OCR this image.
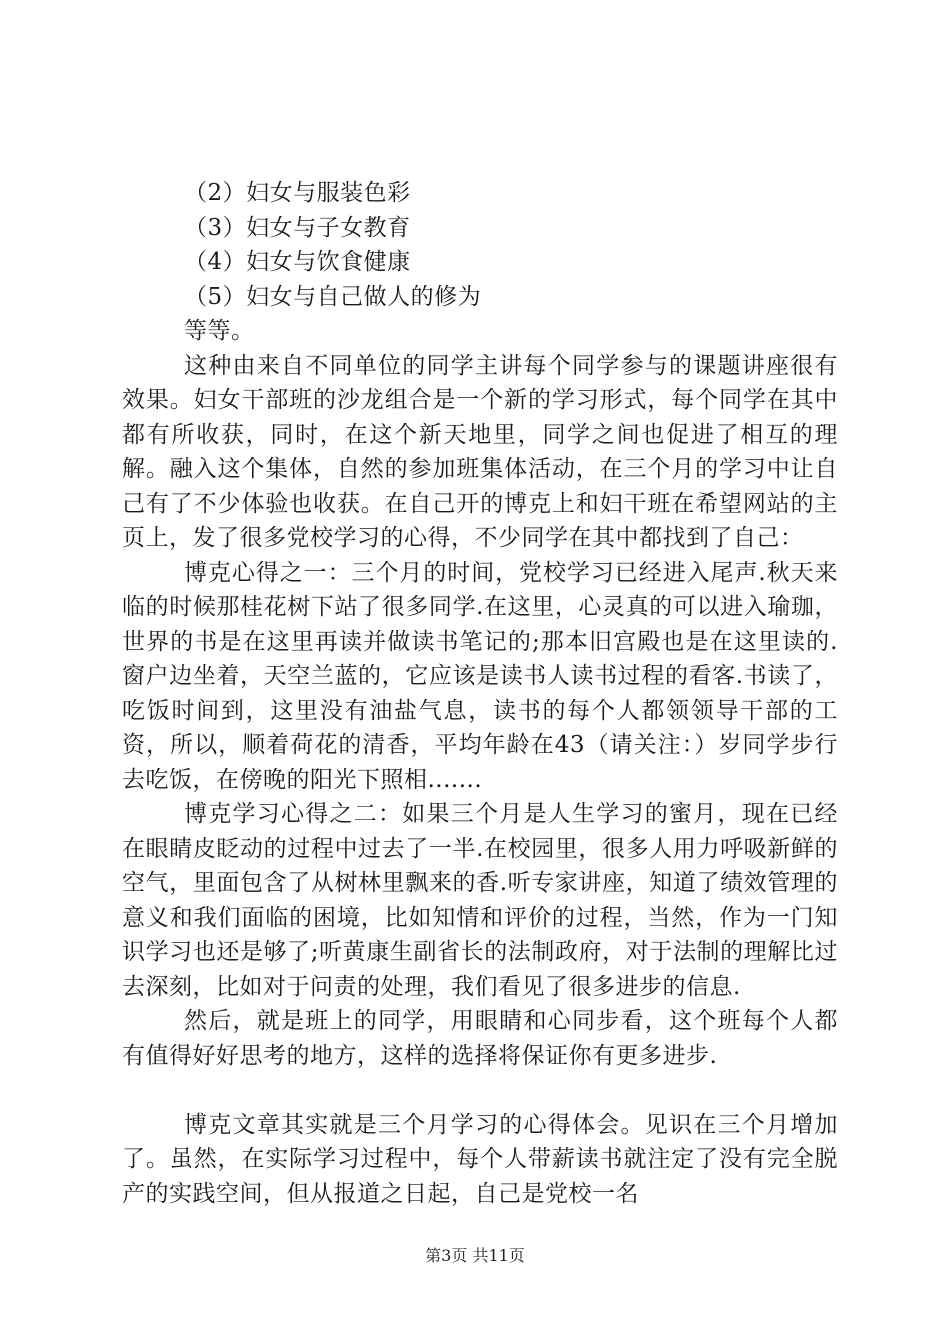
（2）妇女与服装色彩
（3）妇女与子女教育
（4）妇女与饮食健康
（5）妇女与自己做人的修为

等等。

这种由来自不同单位的同学主讲每个同学参与的课题讲座很有效果。妇女干部班的沙龙组合是一个新的学习形式，每个同学在其中都有所收获，同时，在这个新天地里，同学之间也促进了相互的理解。融入这个集体，自然的参加班集体活动，在三个月的学习中让自己有了不少体验也收获。在自己开的博克上和妇干班在希望网站的主页上，发了很多党校学习的心得，不少同学在其中都找到了自己：

博克心得之一：三个月的时间，党校学习已经进入尾声.秋天来临的时候那桂花树下站了很多同学.在这里，心灵真的可以进入瑜珈，世界的书是在这里再读并做读书笔记的;那本旧宫殿也是在这里读的.窗户边坐着，天空兰蓝的，它应该是读书人读书过程的看客.书读了，吃饭时间到，这里没有油盐气息，读书的每个人都领领导干部的工资，所以，顺着荷花的清香，平均年龄在43（请关注：）岁同学步行去吃饭，在傍晚的阳光下照相.......

博克学习心得之二：如果三个月是人生学习的蜜月，现在已经在眼睛皮眨动的过程中过去了一半.在校园里，很多人用力呼吸新鲜的空气，里面包含了从树林里飘来的香.听专家讲座，知道了绩效管理的意义和我们面临的困境，比如知情和评价的过程，当然，作为一门知识学习也还是够了;听黄康生副省长的法制政府，对于法制的理解比过去深刻，比如对于问责的处理，我们看见了很多进步的信息.

然后，就是班上的同学，用眼睛和心同步看，这个班每个人都有值得好好思考的地方，这样的选择将保证你有更多进步.

博克文章其实就是三个月学习的心得体会。见识在三个月增加了。虽然，在实际学习过程中，每个人带薪读书就注定了没有完全脱产的实践空间，但从报道之日起，自己是党校一名

第3页 共11页
